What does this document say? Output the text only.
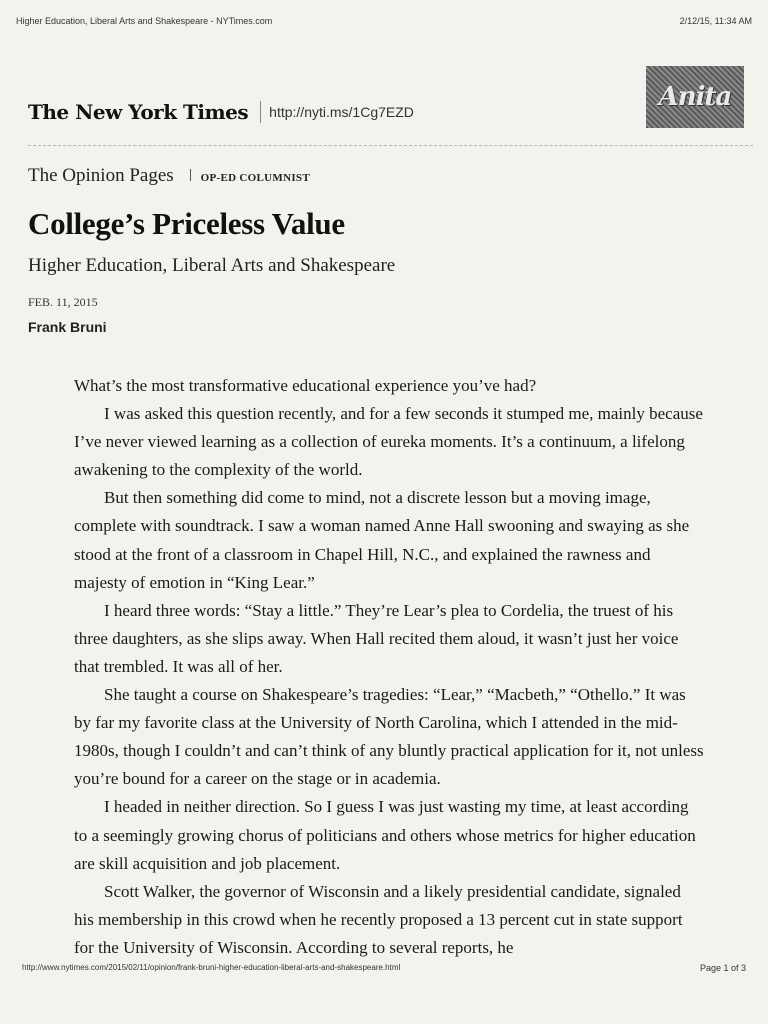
Higher Education, Liberal Arts and Shakespeare - NYTimes.com	2/12/15, 11:34 AM
The New York Times http://nyti.ms/1Cg7EZD	Anita
The Opinion Pages OP-ED COLUMNIST
College’s Priceless Value
Higher Education, Liberal Arts and Shakespeare
FEB. 11, 2015
Frank Bruni

What’s the most transformative educational experience you’ve had?

I was asked this question recently, and for a few seconds it stumped me, mainly because I’ve never viewed learning as a collection of eureka moments. It’s a continuum, a lifelong awakening to the complexity of the world.

But then something did come to mind, not a discrete lesson but a moving image, complete with soundtrack. I saw a woman named Anne Hall swooning and swaying as she stood at the front of a classroom in Chapel Hill, N.C., and explained the rawness and majesty of emotion in “King Lear.”

I heard three words: “Stay a little.” They’re Lear’s plea to Cordelia, the truest of his three daughters, as she slips away. When Hall recited them aloud, it wasn’t just her voice that trembled. It was all of her.

She taught a course on Shakespeare’s tragedies: “Lear,” “Macbeth,” “Othello.” It was by far my favorite class at the University of North Carolina, which I attended in the mid-1980s, though I couldn’t and can’t think of any bluntly practical application for it, not unless you’re bound for a career on the stage or in academia.

I headed in neither direction. So I guess I was just wasting my time, at least according to a seemingly growing chorus of politicians and others whose metrics for higher education are skill acquisition and job placement.

Scott Walker, the governor of Wisconsin and a likely presidential candidate, signaled his membership in this crowd when he recently proposed a 13 percent cut in state support for the University of Wisconsin. According to several reports, he

http://www.nytimes.com/2015/02/11/opinion/frank-bruni-higher-education-liberal-arts-and-shakespeare.html	Page 1 of 3
